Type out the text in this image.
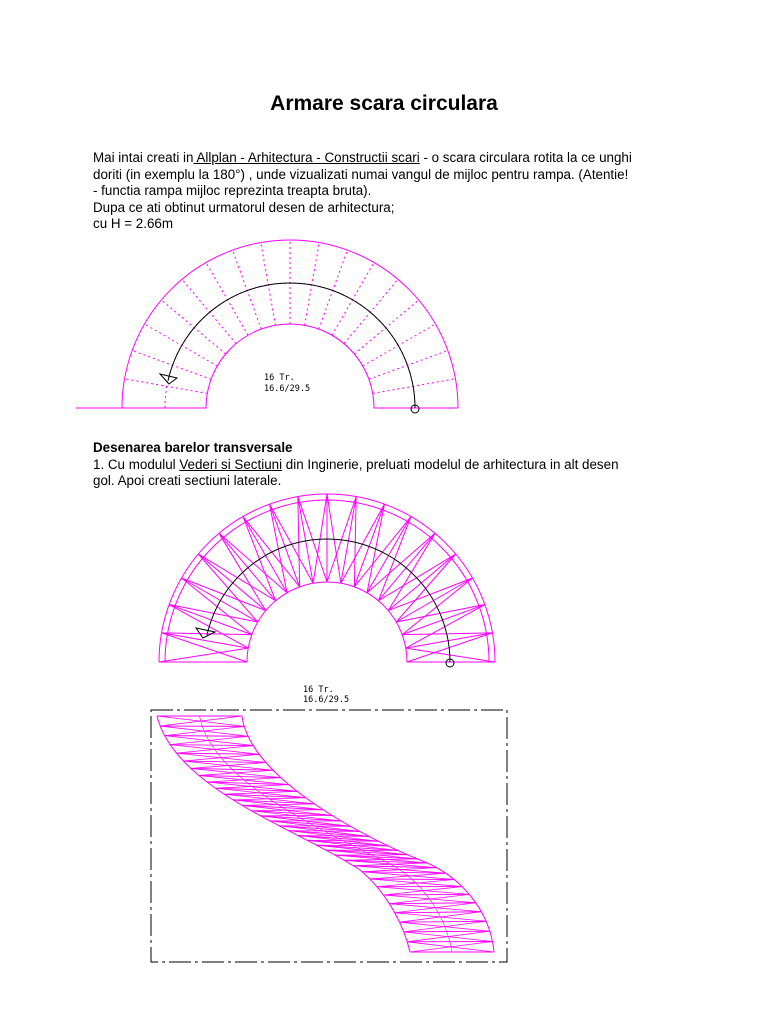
Armare scara circulara
Mai intai creati in Allplan - Arhitectura - Constructii scari - o scara circulara rotita la ce unghi
doriti (in exemplu la 180°) , unde vizualizati numai vangul de mijloc pentru rampa. (Atentie!
- functia rampa mijloc reprezinta treapta bruta).
Dupa ce ati obtinut urmatorul desen de arhitectura;
cu H = 2.66m
Desenarea barelor transversale
1. Cu modulul Vederi si Sectiuni din Inginerie, preluati modelul de arhitectura in alt desen
gol. Apoi creati sectiuni laterale.
16 Tr.
16.6/29.5
16 Tr.
16.6/29.5
